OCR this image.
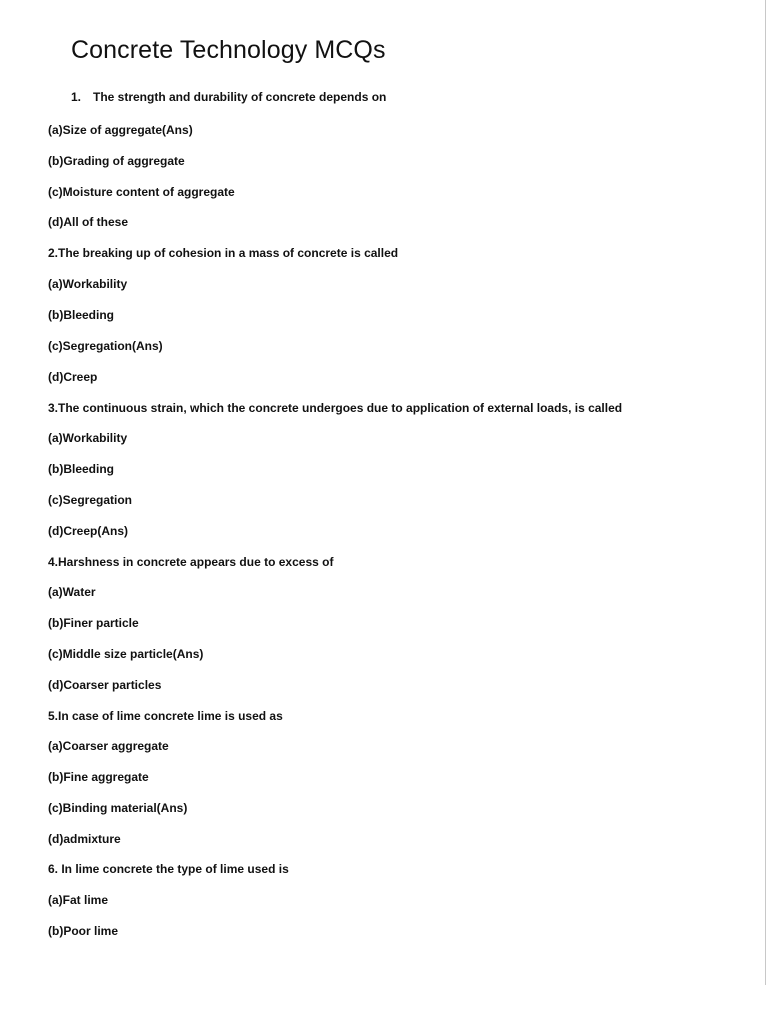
Concrete Technology MCQs
1. The strength and durability of concrete depends on
(a)Size of aggregate(Ans)
(b)Grading of aggregate
(c)Moisture content of aggregate
(d)All of these
2.The breaking up of cohesion in a mass of concrete is called
(a)Workability
(b)Bleeding
(c)Segregation(Ans)
(d)Creep
3.The continuous strain, which the concrete undergoes due to application of external loads, is called
(a)Workability
(b)Bleeding
(c)Segregation
(d)Creep(Ans)
4.Harshness in concrete appears due to excess of
(a)Water
(b)Finer particle
(c)Middle size particle(Ans)
(d)Coarser particles
5.In case of lime concrete lime is used as
(a)Coarser aggregate
(b)Fine aggregate
(c)Binding material(Ans)
(d)admixture
6. In lime concrete the type of lime used is
(a)Fat lime
(b)Poor lime
